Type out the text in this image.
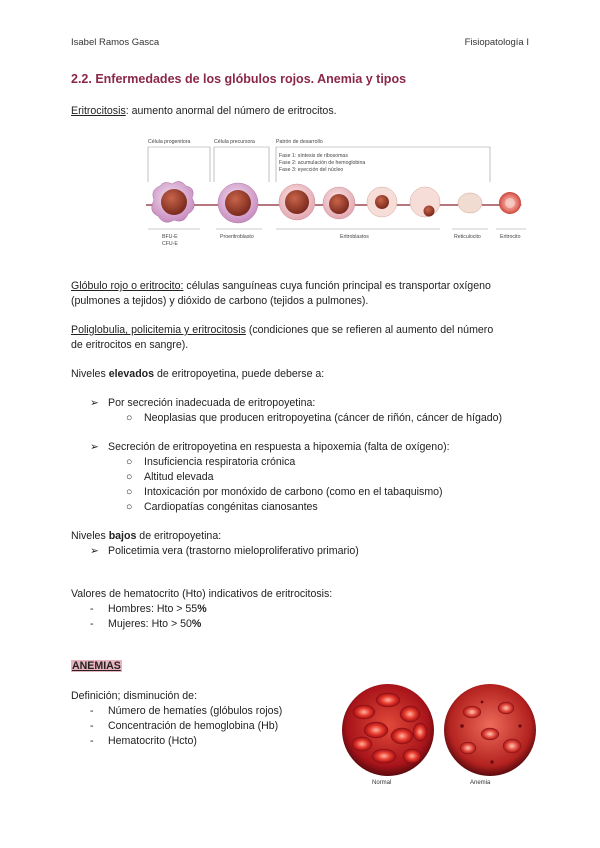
Isabel Ramos Gasca	Fisiopatología I
2.2. Enfermedades de los glóbulos rojos. Anemia y tipos
Eritrocitosis: aumento anormal del número de eritrocitos.
Célula progenitora	Célula precursora	Patrón de desarrollo
Fase 1: síntesis de ribosomas
Fase 2: acumulación de hemoglobina
Fase 3: eyección del núcleo
BFU-E
CFU-E
Proeritroblasto	Eritroblastos	Reticulocito	Eritrocito
Glóbulo rojo o eritrocito: células sanguíneas cuya función principal es transportar oxígeno
(pulmones a tejidos) y dióxido de carbono (tejidos a pulmones).
Poliglobulia, policitemia y eritrocitosis (condiciones que se refieren al aumento del número
de eritrocitos en sangre).
Niveles elevados de eritropoyetina, puede deberse a:
➢ Por secreción inadecuada de eritropoyetina:
○ Neoplasias que producen eritropoyetina (cáncer de riñón, cáncer de hígado)
➢ Secreción de eritropoyetina en respuesta a hipoxemia (falta de oxígeno):
○ Insuficiencia respiratoria crónica
○ Altitud elevada
○ Intoxicación por monóxido de carbono (como en el tabaquismo)
○ Cardiopatías congénitas cianosantes
Niveles bajos de eritropoyetina:
➢ Policetimia vera (trastorno mieloproliferativo primario)
Valores de hematocrito (Hto) indicativos de eritrocitosis:
- Hombres: Hto > 55%
- Mujeres: Hto > 50%
ANEMIAS
Definición; disminución de:
- Número de hematíes (glóbulos rojos)
- Concentración de hemoglobina (Hb)
- Hematocrito (Hcto)
Normal	Anemia
